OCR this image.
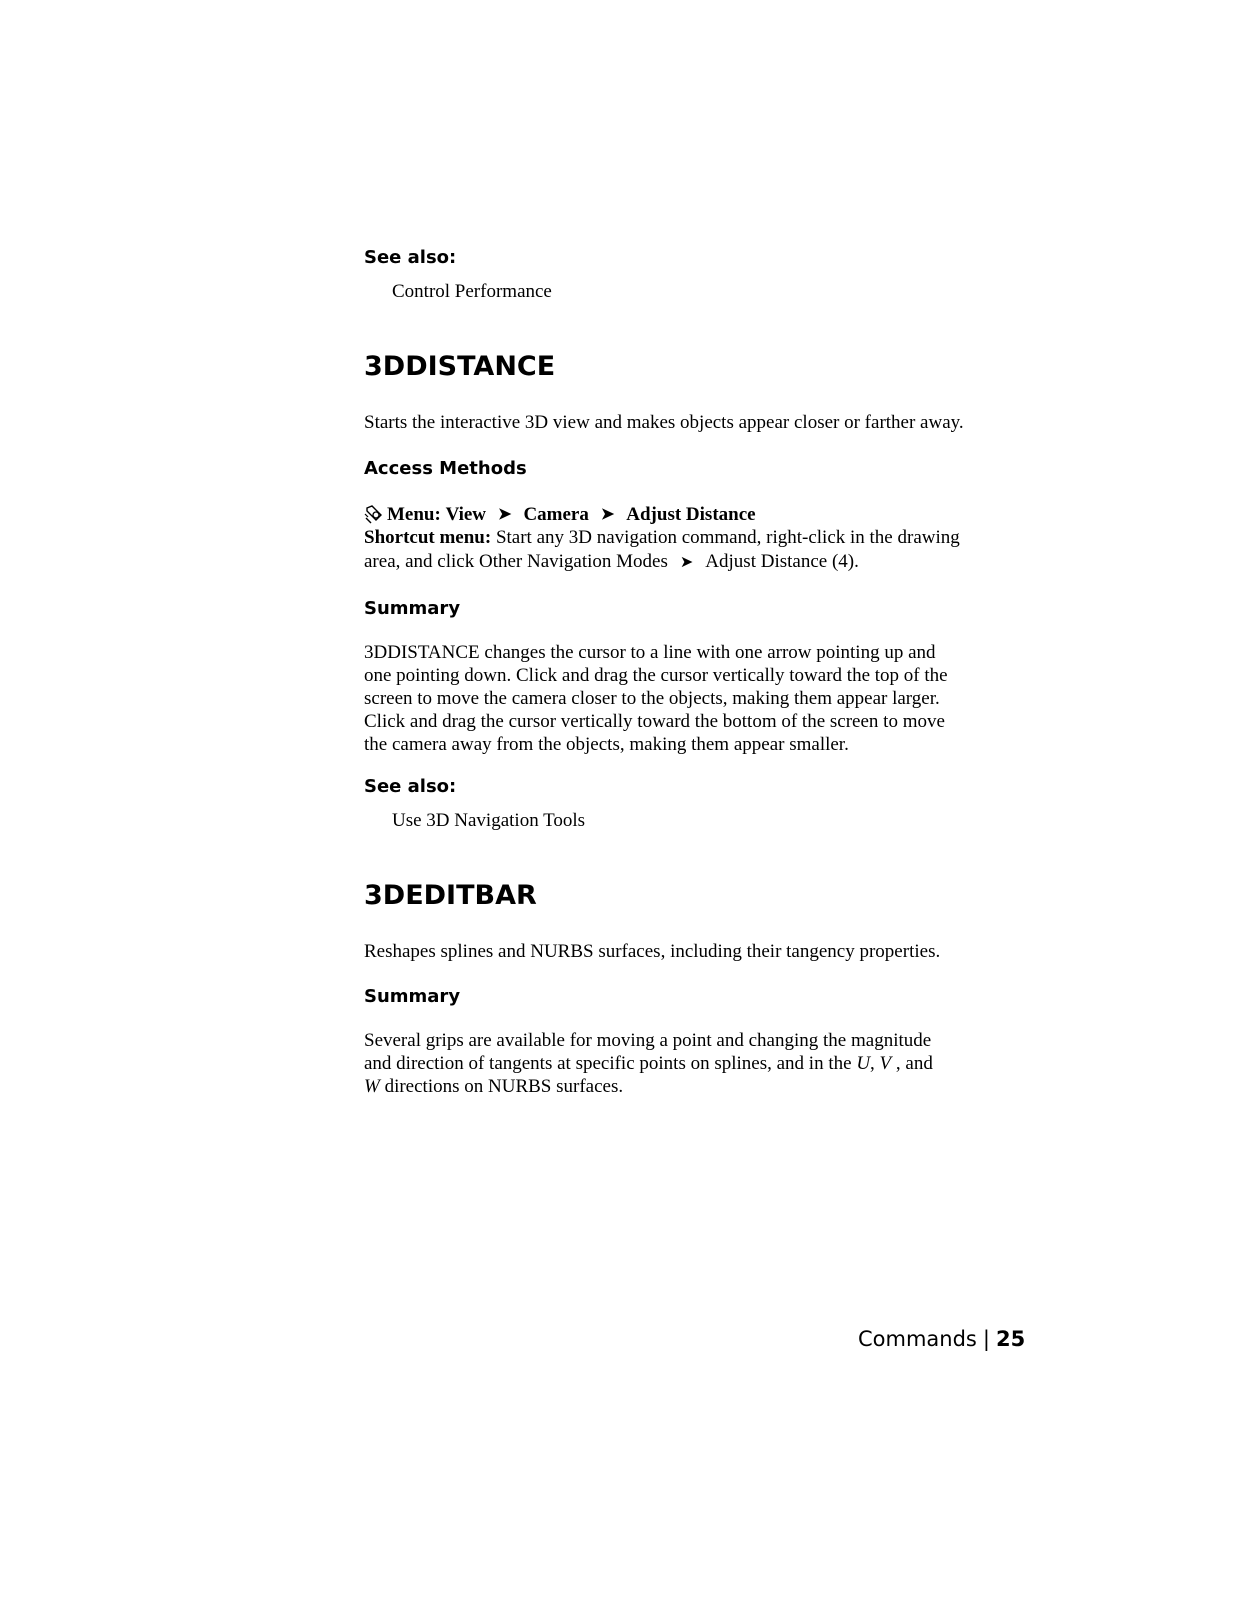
See also:
Control Performance
3DDISTANCE
Starts the interactive 3D view and makes objects appear closer or farther away.
Access Methods
Menu:
View ➤ Camera ➤ Adjust Distance
Shortcut menu: Start any 3D navigation command, right-click in the drawing
area, and click Other Navigation Modes ➤ Adjust Distance (4).
Summary
3DDISTANCE changes the cursor to a line with one arrow pointing up and
one pointing down. Click and drag the cursor vertically toward the top of the
screen to move the camera closer to the objects, making them appear larger.
Click and drag the cursor vertically toward the bottom of the screen to move
the camera away from the objects, making them appear smaller.
See also:
Use 3D Navigation Tools
3DEDITBAR
Reshapes splines and NURBS surfaces, including their tangency properties.
Summary
Several grips are available for moving a point and changing the magnitude
and direction of tangents at specific points on splines, and in the U, V , and
W directions on NURBS surfaces.
Commands | 25
